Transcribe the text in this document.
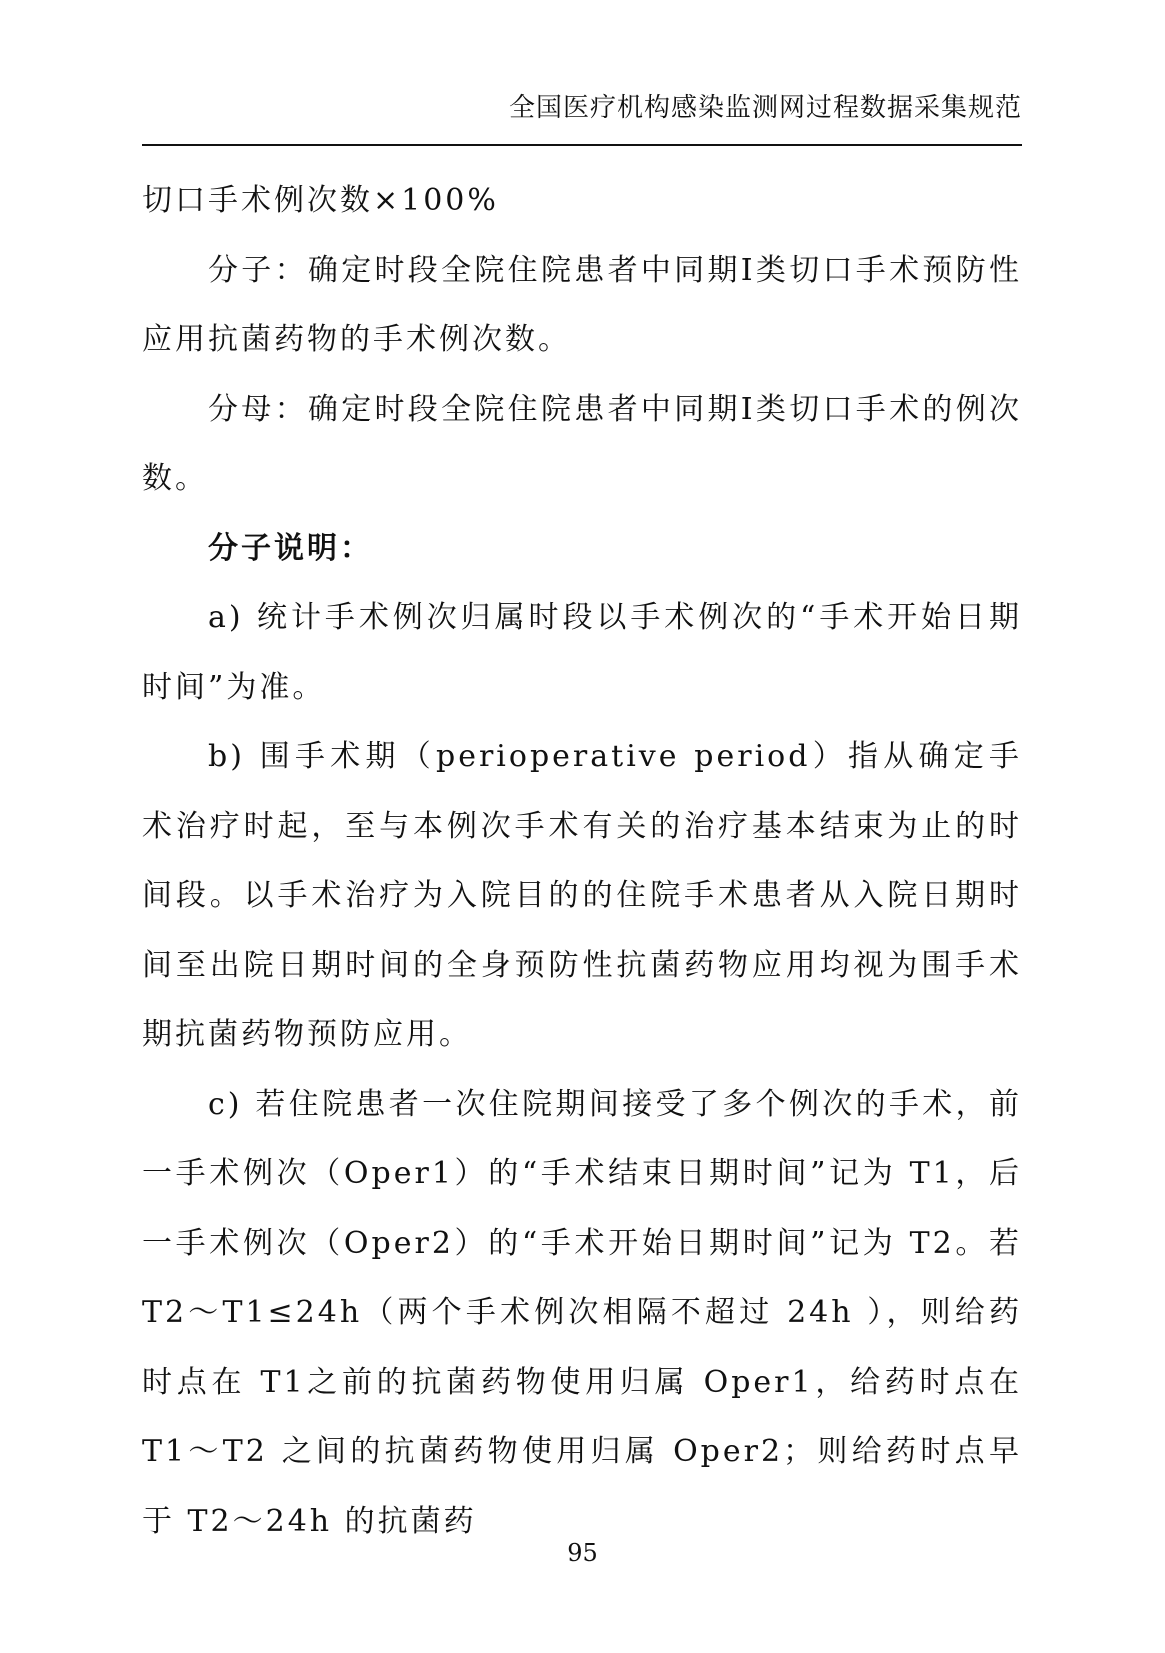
全国医疗机构感染监测网过程数据采集规范

切口手术例次数×100%

分子：确定时段全院住院患者中同期I类切口手术预防性应用抗菌药物的手术例次数。

分母：确定时段全院住院患者中同期I类切口手术的例次数。

分子说明：

a) 统计手术例次归属时段以手术例次的“手术开始日期时间”为准。

b) 围手术期（perioperative period）指从确定手术治疗时起，至与本例次手术有关的治疗基本结束为止的时间段。以手术治疗为入院目的的住院手术患者从入院日期时间至出院日期时间的全身预防性抗菌药物应用均视为围手术期抗菌药物预防应用。

c) 若住院患者一次住院期间接受了多个例次的手术，前一手术例次（Oper1）的“手术结束日期时间”记为 T1，后一手术例次（Oper2）的“手术开始日期时间”记为 T2。若 T2～T1≤24h（两个手术例次相隔不超过 24h ），则给药时点在 T1之前的抗菌药物使用归属 Oper1，给药时点在 T1～T2 之间的抗菌药物使用归属 Oper2；则给药时点早于 T2～24h 的抗菌药

95
